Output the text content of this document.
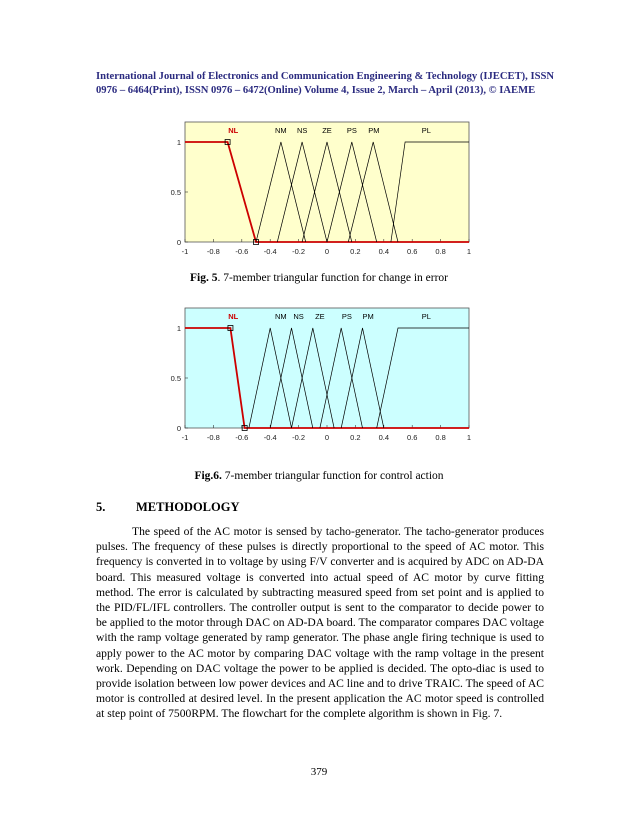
International Journal of Electronics and Communication Engineering & Technology (IJECET), ISSN
0976 – 6464(Print), ISSN 0976 – 6472(Online) Volume 4, Issue 2, March – April (2013), © IAEME
-1 -0.8 -0.6 -0.4 -0.2	0	0.2 0.4 0.6 0.8	1
0
0.5
1
NL	NM NS ZE PS PM	PL
Fig. 5. 7-member triangular function for change in error
-1 -0.8 -0.6 -0.4 -0.2	0	0.2 0.4 0.6 0.8	1
0
0.5
1
NL	NM NS ZE PS PM	PL
Fig.6. 7-member triangular function for control action
5. METHODOLOGY

The speed of the AC motor is sensed by tacho-generator. The tacho-generator produces pulses. The frequency of these pulses is directly proportional to the speed of AC motor. This frequency is converted in to voltage by using F/V converter and is acquired by ADC on AD-DA board. This measured voltage is converted into actual speed of AC motor by curve fitting method. The error is calculated by subtracting measured speed from set point and is applied to the PID/FL/IFL controllers. The controller output is sent to the comparator to decide power to be applied to the motor through DAC on AD-DA board. The comparator compares DAC voltage with the ramp voltage generated by ramp generator. The phase angle firing technique is used to apply power to the AC motor by comparing DAC voltage with the ramp voltage in the present work. Depending on DAC voltage the power to be applied is decided. The opto-diac is used to provide isolation between low power devices and AC line and to drive TRAIC. The speed of AC motor is controlled at desired level. In the present application the AC motor speed is controlled at step point of 7500RPM. The flowchart for the complete algorithm is shown in Fig. 7.

379
